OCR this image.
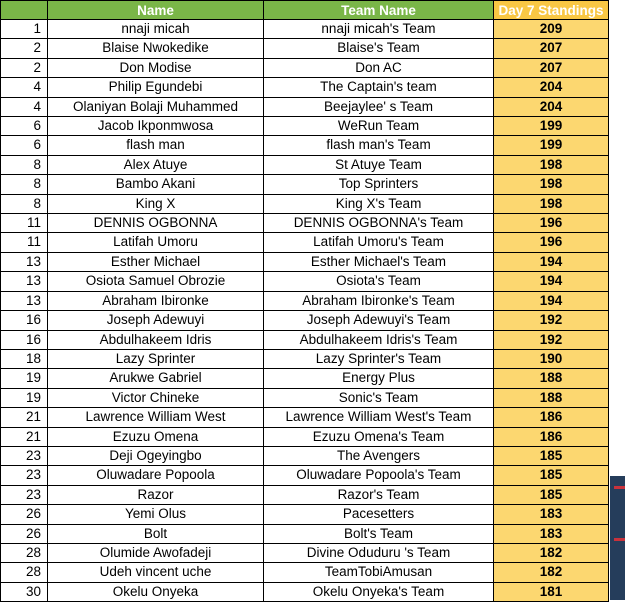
	Name	Team Name	Day 7 Standings
1	nnaji micah	nnaji micah's Team	209
2	Blaise Nwokedike	Blaise's Team	207
2	Don Modise	Don AC	207
4	Philip Egundebi	The Captain's team	204
4	Olaniyan Bolaji Muhammed	Beejaylee' s Team	204
6	Jacob Ikponmwosa	WeRun Team	199
6	flash man	flash man's Team	199
8	Alex Atuye	St Atuye Team	198
8	Bambo Akani	Top Sprinters	198
8	King X	King X's Team	198
11	DENNIS OGBONNA	DENNIS OGBONNA's Team	196
11	Latifah Umoru	Latifah Umoru's Team	196
13	Esther Michael	Esther Michael's Team	194
13	Osiota Samuel Obrozie	Osiota's Team	194
13	Abraham Ibironke	Abraham Ibironke's Team	194
16	Joseph Adewuyi	Joseph Adewuyi's Team	192
16	Abdulhakeem Idris	Abdulhakeem Idris's Team	192
18	Lazy Sprinter	Lazy Sprinter's Team	190
19	Arukwe Gabriel	Energy Plus	188
19	Victor Chineke	Sonic's Team	188
21	Lawrence William West	Lawrence William West's Team	186
21	Ezuzu Omena	Ezuzu Omena's Team	186
23	Deji Ogeyingbo	The Avengers	185
23	Oluwadare Popoola	Oluwadare Popoola's Team	185
23	Razor	Razor's Team	185
26	Yemi Olus	Pacesetters	183
26	Bolt	Bolt's Team	183
28	Olumide Awofadeji	Divine Oduduru 's Team	182
28	Udeh vincent uche	TeamTobiAmusan	182
30	Okelu Onyeka	Okelu Onyeka's Team	181
